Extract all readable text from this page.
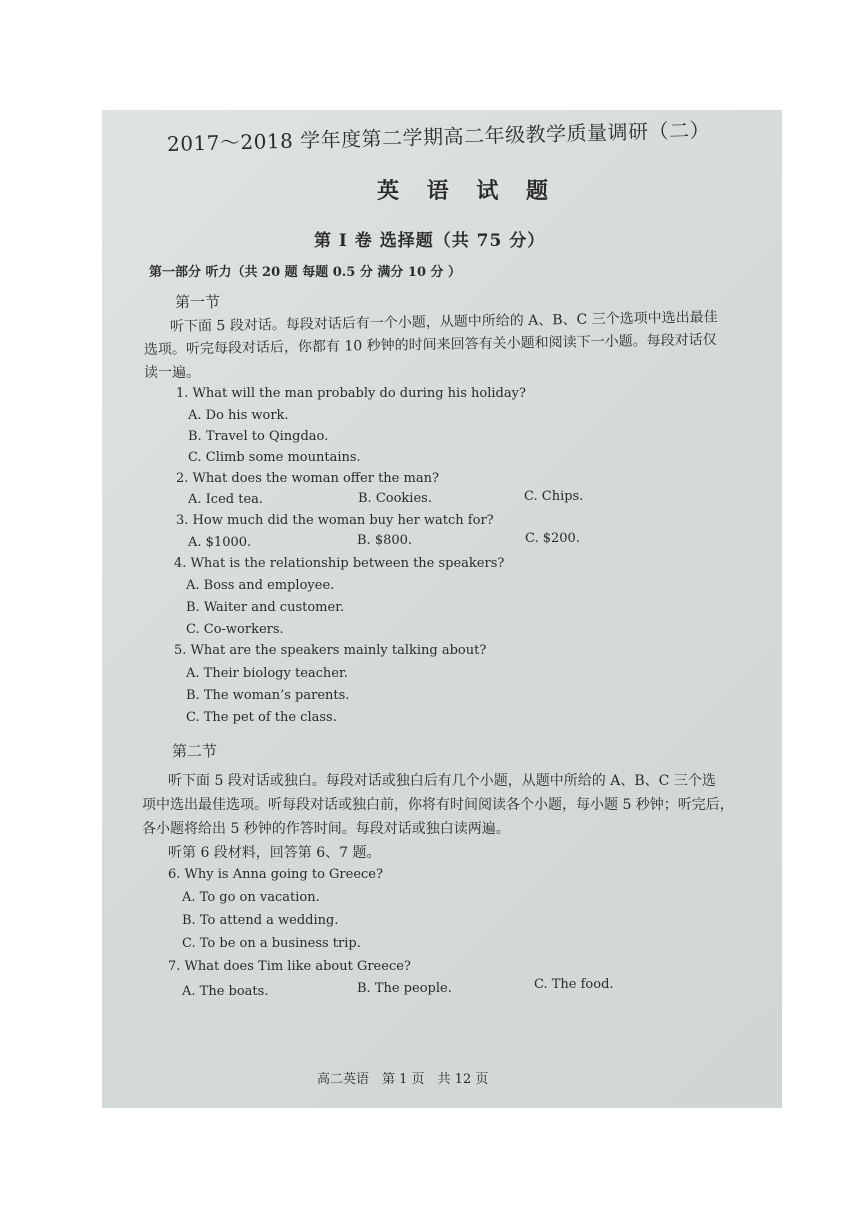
2017～2018 学年度第二学期高二年级教学质量调研（二）
英 语 试 题
第 I 卷 选择题（共 75 分）
第一部分 听力（共 20 题 每题 0.5 分 满分 10 分 ）
第一节
听下面 5 段对话。每段对话后有一个小题，从题中所给的 A、B、C 三个选项中选出最佳
选项。听完每段对话后，你都有 10 秒钟的时间来回答有关小题和阅读下一小题。每段对话仅
读一遍。
1. What will the man probably do during his holiday?
A. Do his work.
B. Travel to Qingdao.
C. Climb some mountains.
2. What does the woman offer the man?
A. Iced tea.	B. Cookies.	C. Chips.
3. How much did the woman buy her watch for?
A. $1000.	B. $800.	C. $200.
4. What is the relationship between the speakers?
A. Boss and employee.
B. Waiter and customer.
C. Co-workers.
5. What are the speakers mainly talking about?
A. Their biology teacher.
B. The woman’s parents.
C. The pet of the class.
第二节
听下面 5 段对话或独白。每段对话或独白后有几个小题，从题中所给的 A、B、C 三个选
项中选出最佳选项。听每段对话或独白前，你将有时间阅读各个小题，每小题 5 秒钟；听完后，
各小题将给出 5 秒钟的作答时间。每段对话或独白读两遍。
听第 6 段材料，回答第 6、7 题。
6. Why is Anna going to Greece?
A. To go on vacation.
B. To attend a wedding.
C. To be on a business trip.
7. What does Tim like about Greece?
A. The boats.	B. The people.	C. The food.
高二英语　第 1 页　共 12 页
